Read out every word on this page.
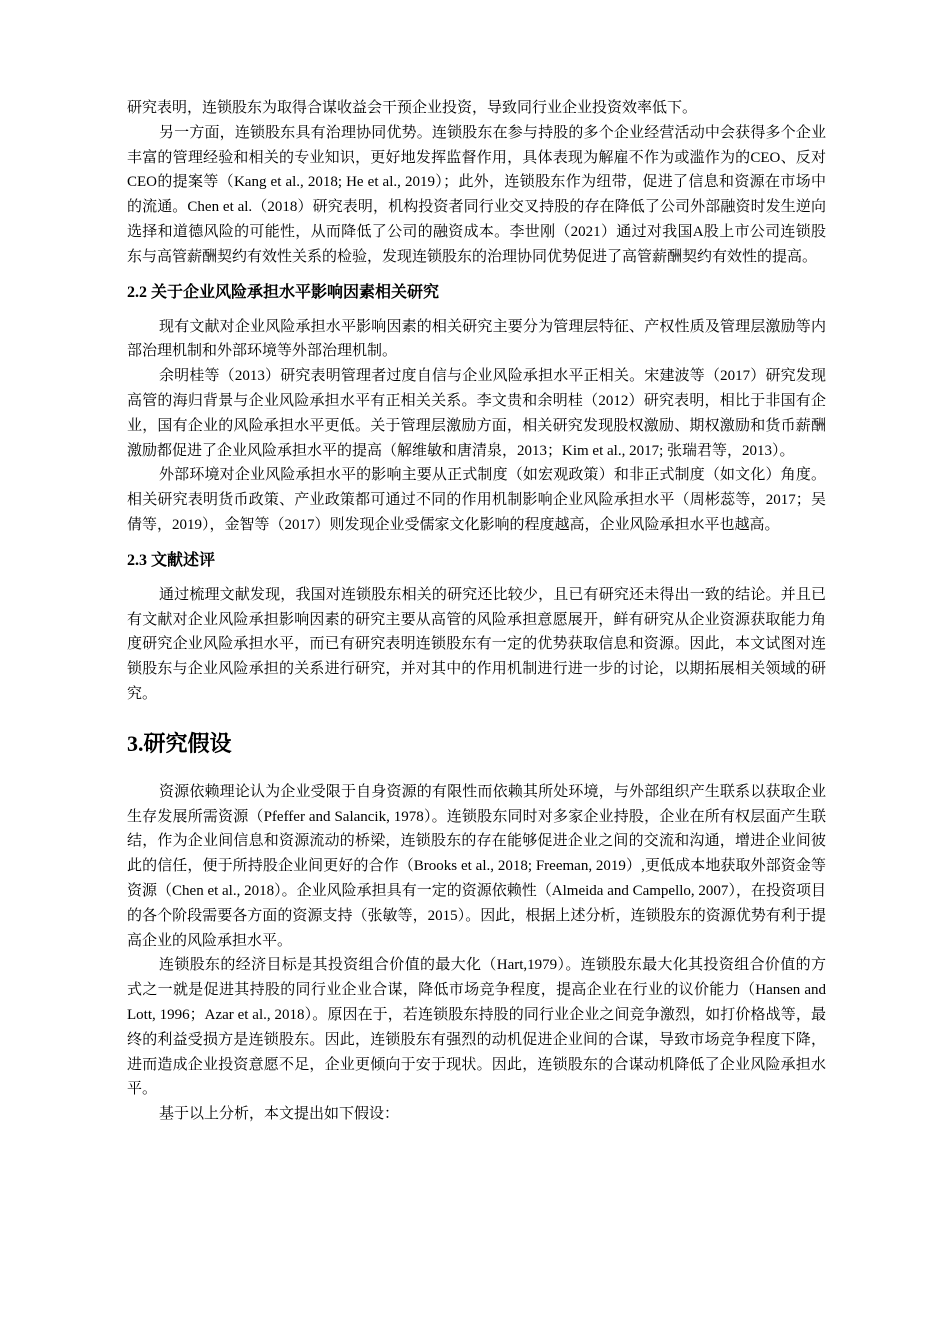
研究表明，连锁股东为取得合谋收益会干预企业投资，导致同行业企业投资效率低下。

另一方面，连锁股东具有治理协同优势。连锁股东在参与持股的多个企业经营活动中会获得多个企业丰富的管理经验和相关的专业知识，更好地发挥监督作用，具体表现为解雇不作为或滥作为的CEO、反对CEO的提案等（Kang et al., 2018; He et al., 2019）；此外，连锁股东作为纽带，促进了信息和资源在市场中的流通。Chen et al.（2018）研究表明，机构投资者同行业交叉持股的存在降低了公司外部融资时发生逆向选择和道德风险的可能性，从而降低了公司的融资成本。李世刚（2021）通过对我国A股上市公司连锁股东与高管薪酬契约有效性关系的检验，发现连锁股东的治理协同优势促进了高管薪酬契约有效性的提高。

2.2 关于企业风险承担水平影响因素相关研究

现有文献对企业风险承担水平影响因素的相关研究主要分为管理层特征、产权性质及管理层激励等内部治理机制和外部环境等外部治理机制。

余明桂等（2013）研究表明管理者过度自信与企业风险承担水平正相关。宋建波等（2017）研究发现高管的海归背景与企业风险承担水平有正相关关系。李文贵和余明桂（2012）研究表明，相比于非国有企业，国有企业的风险承担水平更低。关于管理层激励方面，相关研究发现股权激励、期权激励和货币薪酬激励都促进了企业风险承担水平的提高（解维敏和唐清泉，2013；Kim et al., 2017; 张瑞君等，2013）。

外部环境对企业风险承担水平的影响主要从正式制度（如宏观政策）和非正式制度（如文化）角度。相关研究表明货币政策、产业政策都可通过不同的作用机制影响企业风险承担水平（周彬蕊等，2017；吴倩等，2019），金智等（2017）则发现企业受儒家文化影响的程度越高，企业风险承担水平也越高。

2.3 文献述评

通过梳理文献发现，我国对连锁股东相关的研究还比较少，且已有研究还未得出一致的结论。并且已有文献对企业风险承担影响因素的研究主要从高管的风险承担意愿展开，鲜有研究从企业资源获取能力角度研究企业风险承担水平，而已有研究表明连锁股东有一定的优势获取信息和资源。因此，本文试图对连锁股东与企业风险承担的关系进行研究，并对其中的作用机制进行进一步的讨论，以期拓展相关领域的研究。

3.研究假设

资源依赖理论认为企业受限于自身资源的有限性而依赖其所处环境，与外部组织产生联系以获取企业生存发展所需资源（Pfeffer and Salancik, 1978）。连锁股东同时对多家企业持股，企业在所有权层面产生联结，作为企业间信息和资源流动的桥梁，连锁股东的存在能够促进企业之间的交流和沟通，增进企业间彼此的信任，便于所持股企业间更好的合作（Brooks et al., 2018; Freeman, 2019）,更低成本地获取外部资金等资源（Chen et al., 2018）。企业风险承担具有一定的资源依赖性（Almeida and Campello, 2007），在投资项目的各个阶段需要各方面的资源支持（张敏等，2015）。因此，根据上述分析，连锁股东的资源优势有利于提高企业的风险承担水平。

连锁股东的经济目标是其投资组合价值的最大化（Hart,1979）。连锁股东最大化其投资组合价值的方式之一就是促进其持股的同行业企业合谋，降低市场竞争程度，提高企业在行业的议价能力（Hansen and Lott, 1996；Azar et al., 2018）。原因在于，若连锁股东持股的同行业企业之间竞争激烈，如打价格战等，最终的利益受损方是连锁股东。因此，连锁股东有强烈的动机促进企业间的合谋，导致市场竞争程度下降，进而造成企业投资意愿不足，企业更倾向于安于现状。因此，连锁股东的合谋动机降低了企业风险承担水平。

基于以上分析，本文提出如下假设：
